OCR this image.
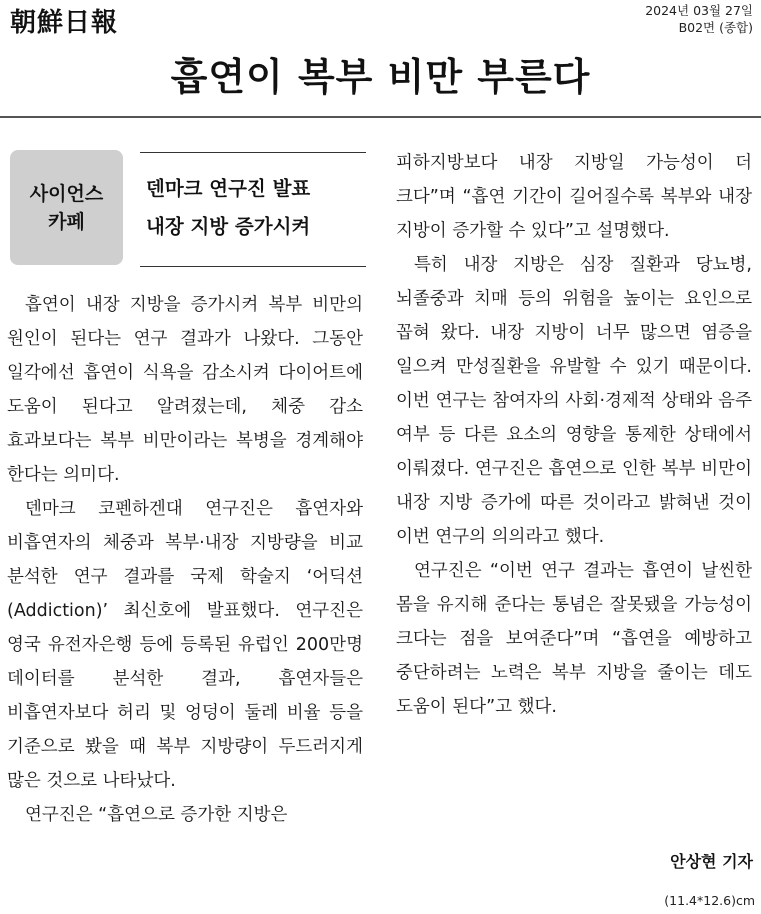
朝鮮日報	2024년 03월 27일
B02면 (종합)
흡연이 복부 비만 부른다
사이언스
카페
덴마크 연구진 발표
내장 지방 증가시켜

흡연이 내장 지방을 증가시켜 복부 비만의 원인이 된다는 연구 결과가 나왔다. 그동안 일각에선 흡연이 식욕을 감소시켜 다이어트에 도움이 된다고 알려졌는데, 체중 감소 효과보다는 복부 비만이라는 복병을 경계해야 한다는 의미다.

덴마크 코펜하겐대 연구진은 흡연자와 비흡연자의 체중과 복부·내장 지방량을 비교 분석한 연구 결과를 국제 학술지 ‘어딕션(Addiction)’ 최신호에 발표했다. 연구진은 영국 유전자은행 등에 등록된 유럽인 200만명 데이터를 분석한 결과, 흡연자들은 비흡연자보다 허리 및 엉덩이 둘레 비율 등을 기준으로 봤을 때 복부 지방량이 두드러지게 많은 것으로 나타났다.

연구진은 “흡연으로 증가한 지방은

피하지방보다 내장 지방일 가능성이 더 크다”며 “흡연 기간이 길어질수록 복부와 내장 지방이 증가할 수 있다”고 설명했다.

특히 내장 지방은 심장 질환과 당뇨병, 뇌졸중과 치매 등의 위험을 높이는 요인으로 꼽혀 왔다. 내장 지방이 너무 많으면 염증을 일으켜 만성질환을 유발할 수 있기 때문이다. 이번 연구는 참여자의 사회·경제적 상태와 음주 여부 등 다른 요소의 영향을 통제한 상태에서 이뤄졌다. 연구진은 흡연으로 인한 복부 비만이 내장 지방 증가에 따른 것이라고 밝혀낸 것이 이번 연구의 의의라고 했다.

연구진은 “이번 연구 결과는 흡연이 날씬한 몸을 유지해 준다는 통념은 잘못됐을 가능성이 크다는 점을 보여준다”며 “흡연을 예방하고 중단하려는 노력은 복부 지방을 줄이는 데도 도움이 된다”고 했다.

안상현 기자
(11.4*12.6)cm
